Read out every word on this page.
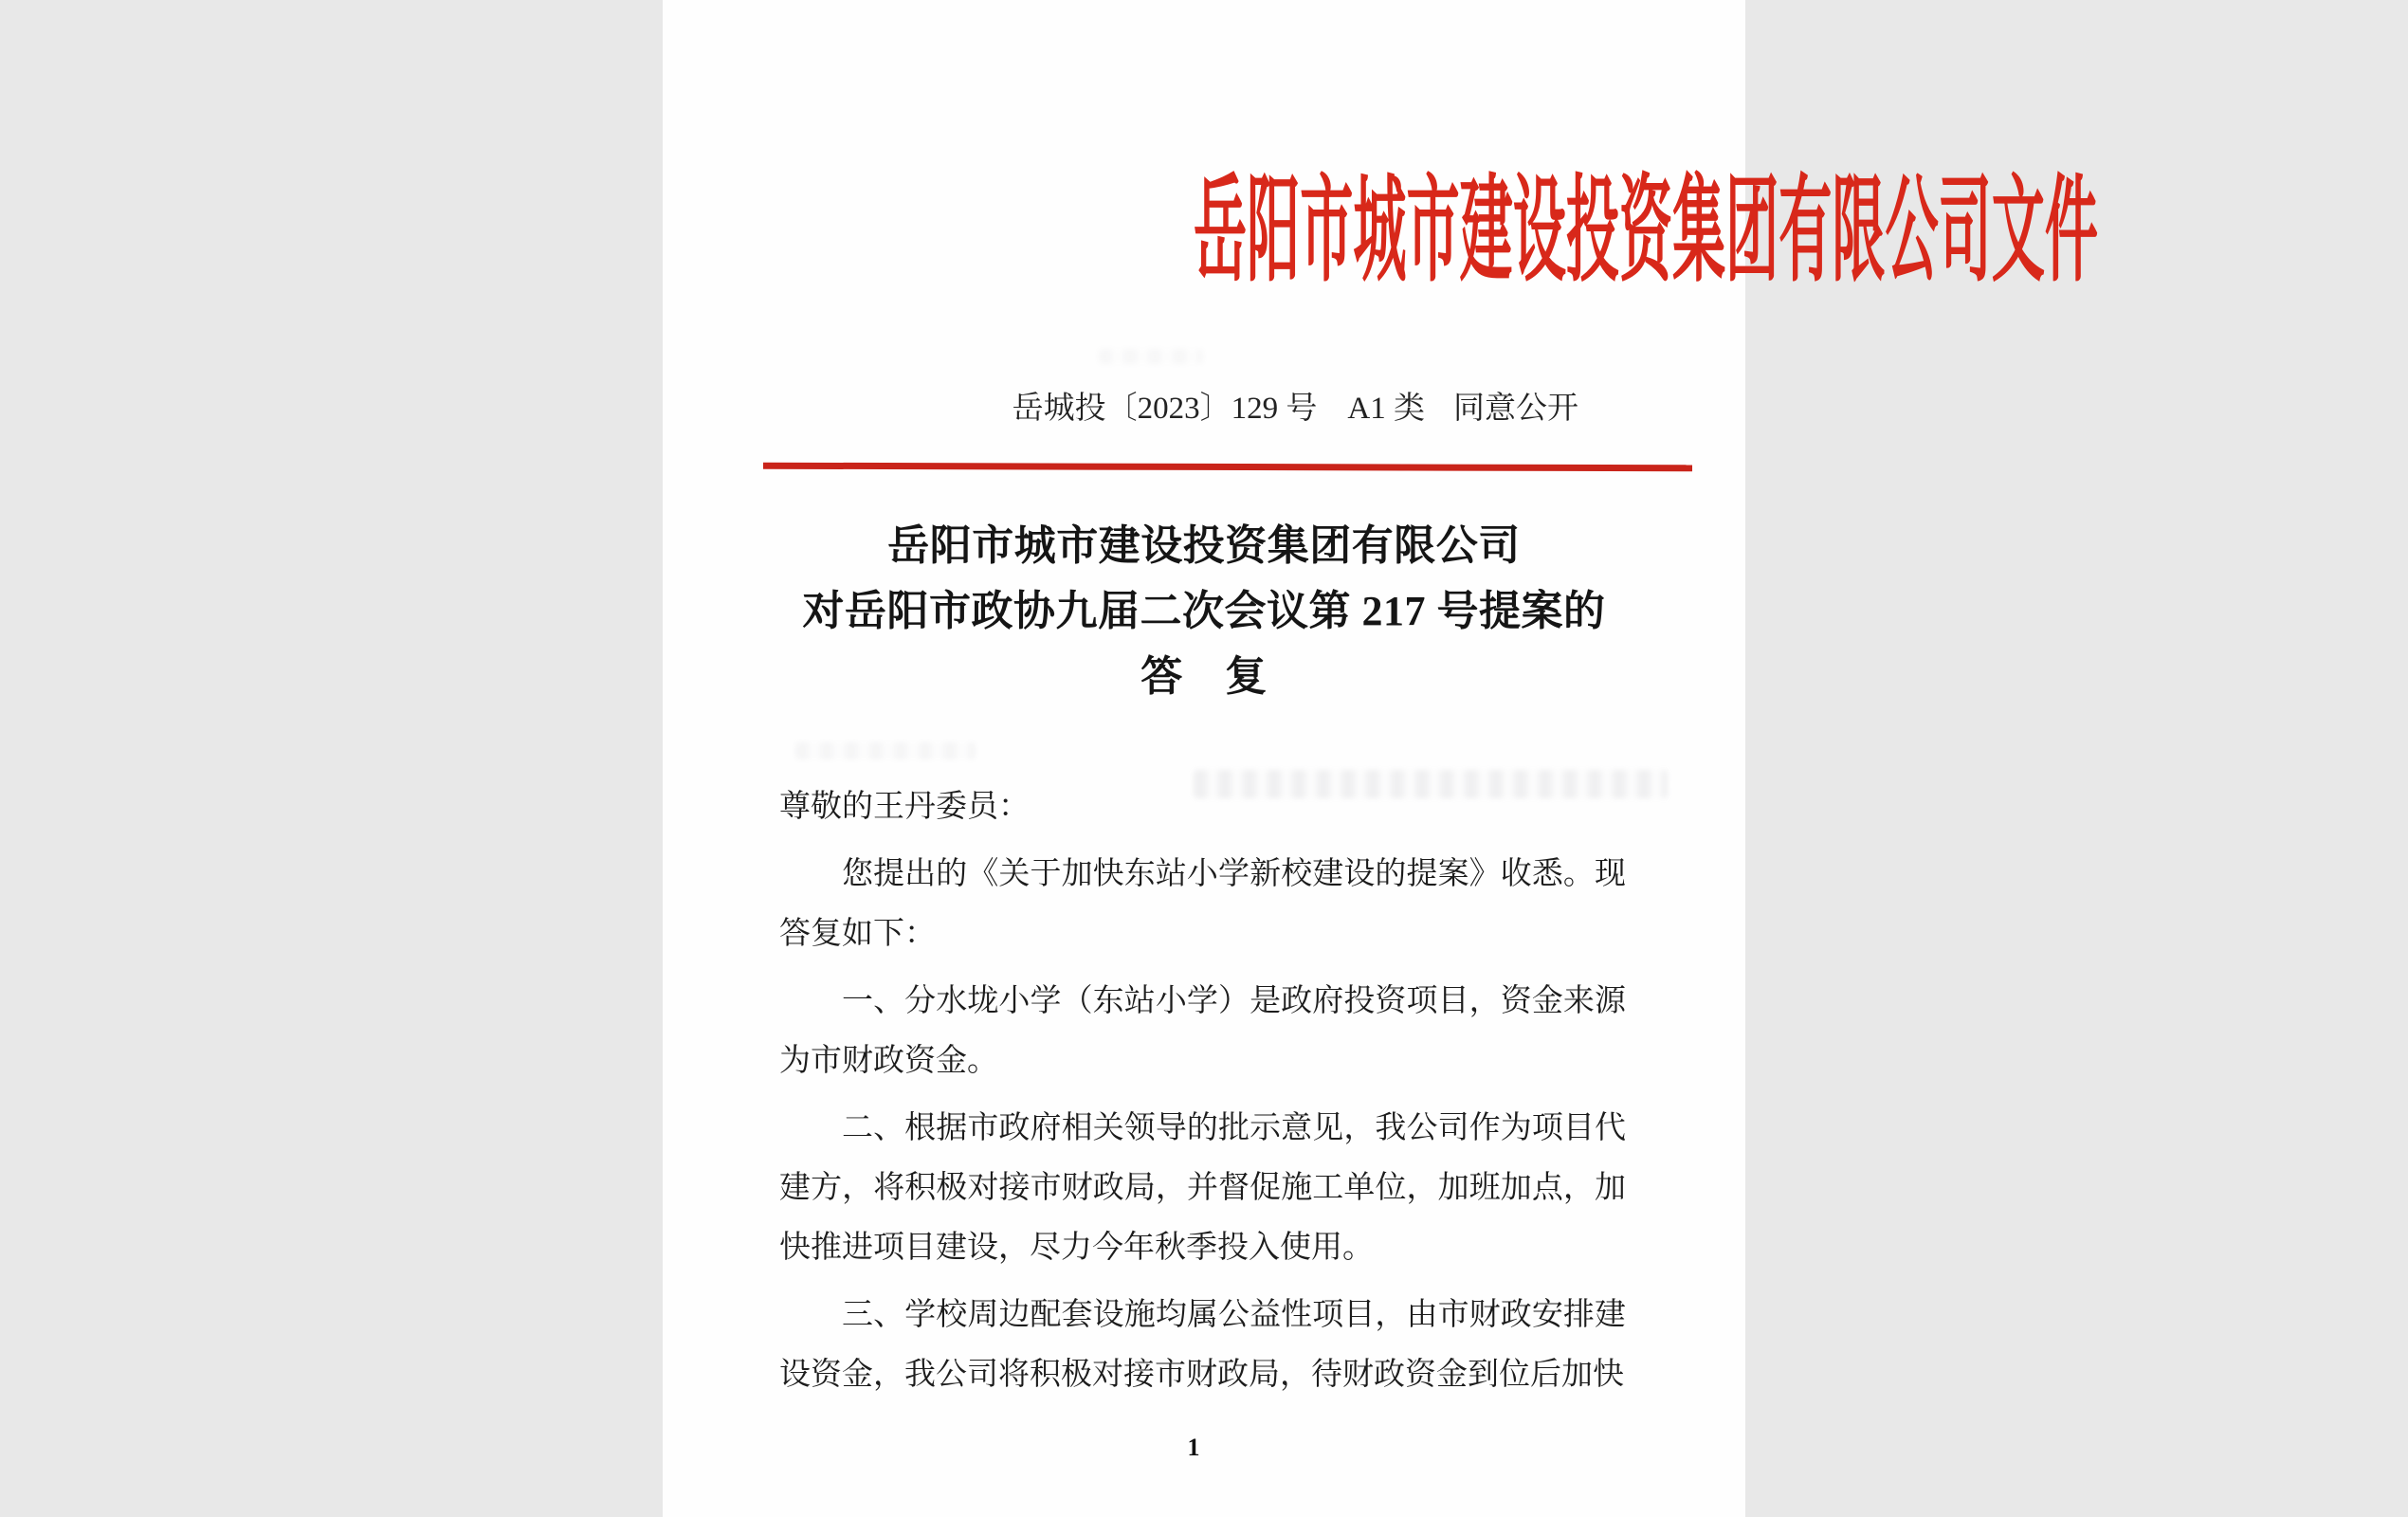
岳阳市城市建设投资集团有限公司文件
岳城投〔2023〕129 号 A1 类 同意公开
岳阳市城市建设投资集团有限公司
对岳阳市政协九届二次会议第 217 号提案的
答　复

尊敬的王丹委员：

您提出的《关于加快东站小学新校建设的提案》收悉。现答复如下：

一、分水垅小学（东站小学）是政府投资项目，资金来源为市财政资金。

二、根据市政府相关领导的批示意见，我公司作为项目代建方，将积极对接市财政局，并督促施工单位，加班加点，加快推进项目建设，尽力今年秋季投入使用。

三、学校周边配套设施均属公益性项目，由市财政安排建设资金，我公司将积极对接市财政局，待财政资金到位后加快

1
